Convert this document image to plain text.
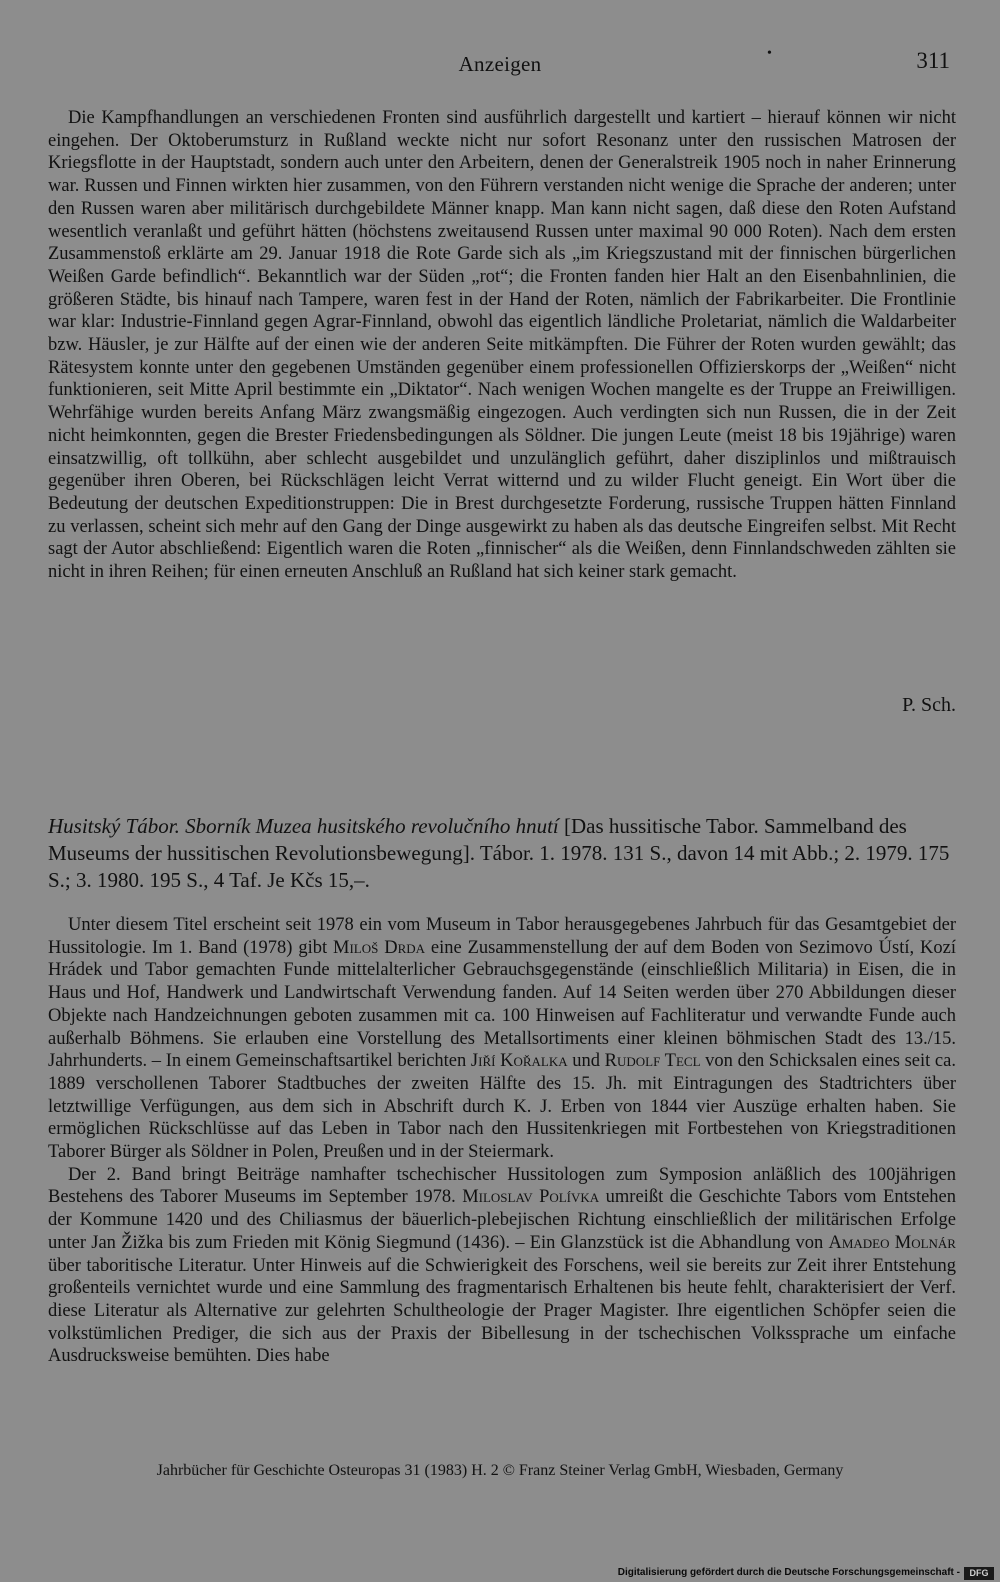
Anzeigen	•	311

Die Kampfhandlungen an verschiedenen Fronten sind ausführlich dargestellt und kartiert – hierauf können wir nicht eingehen. Der Oktoberumsturz in Rußland weckte nicht nur sofort Resonanz unter den russischen Matrosen der Kriegsflotte in der Hauptstadt, sondern auch unter den Arbeitern, denen der Generalstreik 1905 noch in naher Erinnerung war. Russen und Finnen wirkten hier zusammen, von den Führern verstanden nicht wenige die Sprache der anderen; unter den Russen waren aber militärisch durchgebildete Männer knapp. Man kann nicht sagen, daß diese den Roten Aufstand wesentlich veranlaßt und geführt hätten (höchstens zweitausend Russen unter maximal 90 000 Roten). Nach dem ersten Zusammenstoß erklärte am 29. Januar 1918 die Rote Garde sich als „im Kriegszustand mit der finnischen bürgerlichen Weißen Garde befindlich“. Bekanntlich war der Süden „rot“; die Fronten fanden hier Halt an den Eisenbahnlinien, die größeren Städte, bis hinauf nach Tampere, waren fest in der Hand der Roten, nämlich der Fabrikarbeiter. Die Frontlinie war klar: Industrie-Finnland gegen Agrar-Finnland, obwohl das eigentlich ländliche Proletariat, nämlich die Waldarbeiter bzw. Häusler, je zur Hälfte auf der einen wie der anderen Seite mitkämpften. Die Führer der Roten wurden gewählt; das Rätesystem konnte unter den gegebenen Umständen gegenüber einem professionellen Offizierskorps der „Weißen“ nicht funktionieren, seit Mitte April bestimmte ein „Diktator“. Nach wenigen Wochen mangelte es der Truppe an Freiwilligen. Wehrfähige wurden bereits Anfang März zwangsmäßig eingezogen. Auch verdingten sich nun Russen, die in der Zeit nicht heimkonnten, gegen die Brester Friedensbedingungen als Söldner. Die jungen Leute (meist 18 bis 19jährige) waren einsatzwillig, oft tollkühn, aber schlecht ausgebildet und unzulänglich geführt, daher disziplinlos und mißtrauisch gegenüber ihren Oberen, bei Rückschlägen leicht Verrat witternd und zu wilder Flucht geneigt. Ein Wort über die Bedeutung der deutschen Expeditionstruppen: Die in Brest durchgesetzte Forderung, russische Truppen hätten Finnland zu verlassen, scheint sich mehr auf den Gang der Dinge ausgewirkt zu haben als das deutsche Eingreifen selbst. Mit Recht sagt der Autor abschließend: Eigentlich waren die Roten „finnischer“ als die Weißen, denn Finnlandschweden zählten sie nicht in ihren Reihen; für einen erneuten Anschluß an Rußland hat sich keiner stark gemacht.

P. Sch.
Husitský Tábor. Sborník Muzea husitského revolučního hnutí [Das hussitische Tabor. Sammelband des Museums der hussitischen Revolutionsbewegung]. Tábor. 1. 1978. 131 S., davon 14 mit Abb.; 2. 1979. 175 S.; 3. 1980. 195 S., 4 Taf. Je Kčs 15,–.

Unter diesem Titel erscheint seit 1978 ein vom Museum in Tabor herausgegebenes Jahrbuch für das Gesamtgebiet der Hussitologie. Im 1. Band (1978) gibt Miloš Drda eine Zusammenstellung der auf dem Boden von Sezimovo Ústí, Kozí Hrádek und Tabor gemachten Funde mittelalterlicher Gebrauchsgegenstände (einschließlich Militaria) in Eisen, die in Haus und Hof, Handwerk und Landwirtschaft Verwendung fanden. Auf 14 Seiten werden über 270 Abbildungen dieser Objekte nach Handzeichnungen geboten zusammen mit ca. 100 Hinweisen auf Fachliteratur und verwandte Funde auch außerhalb Böhmens. Sie erlauben eine Vorstellung des Metallsortiments einer kleinen böhmischen Stadt des 13./15. Jahrhunderts. – In einem Gemeinschaftsartikel berichten Jiří Kořalka und Rudolf Tecl von den Schicksalen eines seit ca. 1889 verschollenen Taborer Stadtbuches der zweiten Hälfte des 15. Jh. mit Eintragungen des Stadtrichters über letztwillige Verfügungen, aus dem sich in Abschrift durch K. J. Erben von 1844 vier Auszüge erhalten haben. Sie ermöglichen Rückschlüsse auf das Leben in Tabor nach den Hussitenkriegen mit Fortbestehen von Kriegstraditionen Taborer Bürger als Söldner in Polen, Preußen und in der Steiermark.

Der 2. Band bringt Beiträge namhafter tschechischer Hussitologen zum Symposion anläßlich des 100jährigen Bestehens des Taborer Museums im September 1978. Miloslav Polívka umreißt die Geschichte Tabors vom Entstehen der Kommune 1420 und des Chiliasmus der bäuerlich-plebejischen Richtung einschließlich der militärischen Erfolge unter Jan Žižka bis zum Frieden mit König Siegmund (1436). – Ein Glanzstück ist die Abhandlung von Amadeo Molnár über taboritische Literatur. Unter Hinweis auf die Schwierigkeit des Forschens, weil sie bereits zur Zeit ihrer Entstehung großenteils vernichtet wurde und eine Sammlung des fragmentarisch Erhaltenen bis heute fehlt, charakterisiert der Verf. diese Literatur als Alternative zur gelehrten Schultheologie der Prager Magister. Ihre eigentlichen Schöpfer seien die volkstümlichen Prediger, die sich aus der Praxis der Bibellesung in der tschechischen Volkssprache um einfache Ausdrucksweise bemühten. Dies habe

Jahrbücher für Geschichte Osteuropas 31 (1983) H. 2 © Franz Steiner Verlag GmbH, Wiesbaden, Germany
Digitalisierung gefördert durch die Deutsche Forschungsgemeinschaft -	DFG
